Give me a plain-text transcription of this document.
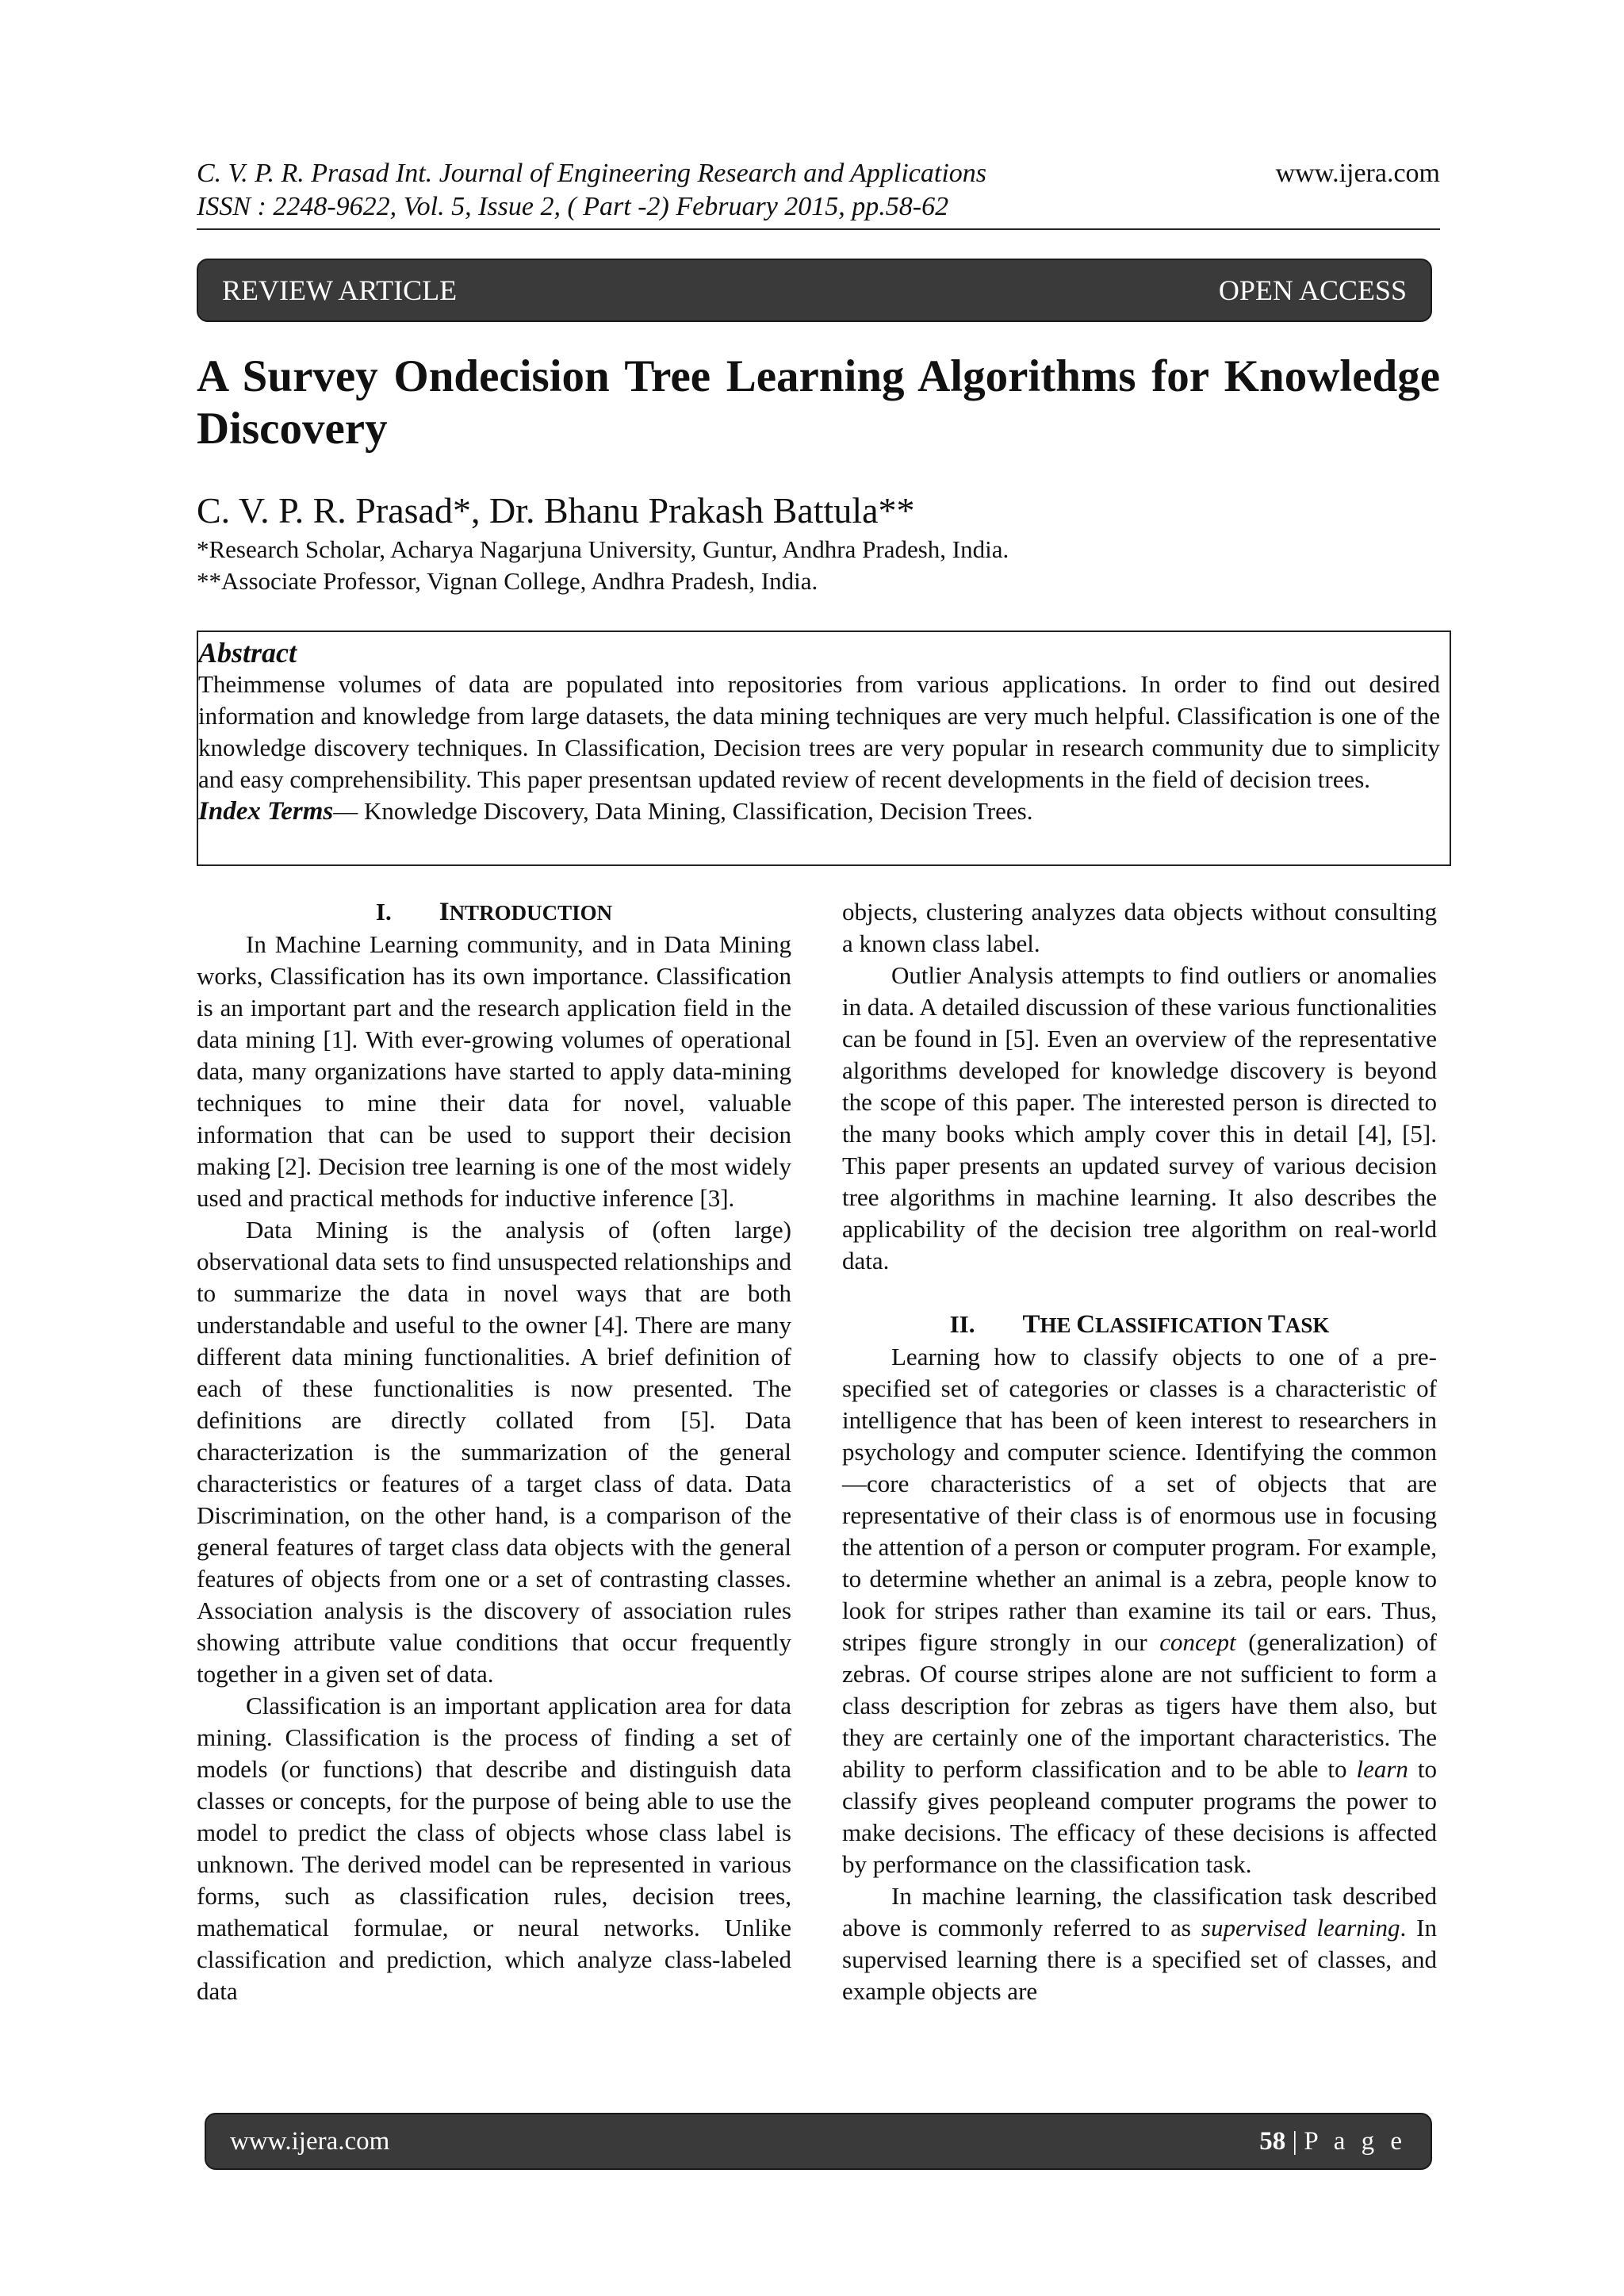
C. V. P. R. Prasad Int. Journal of Engineering Research and Applications
ISSN : 2248-9622, Vol. 5, Issue 2, ( Part -2) February 2015, pp.58-62
www.ijera.com
REVIEW ARTICLE	OPEN ACCESS
A Survey Ondecision Tree Learning Algorithms for Knowledge Discovery
C. V. P. R. Prasad*, Dr. Bhanu Prakash Battula**
*Research Scholar, Acharya Nagarjuna University, Guntur, Andhra Pradesh, India.
**Associate Professor, Vignan College, Andhra Pradesh, India.
Abstract

Theimmense volumes of data are populated into repositories from various applications. In order to find out desired information and knowledge from large datasets, the data mining techniques are very much helpful. Classification is one of the knowledge discovery techniques. In Classification, Decision trees are very popular in research community due to simplicity and easy comprehensibility. This paper presentsan updated review of recent developments in the field of decision trees.

Index Terms— Knowledge Discovery, Data Mining, Classification, Decision Trees.

I. INTRODUCTION

In Machine Learning community, and in Data Mining works, Classification has its own importance. Classification is an important part and the research application field in the data mining [1]. With ever-growing volumes of operational data, many organizations have started to apply data-mining techniques to mine their data for novel, valuable information that can be used to support their decision making [2]. Decision tree learning is one of the most widely used and practical methods for inductive inference [3].

Data Mining is the analysis of (often large) observational data sets to find unsuspected relationships and to summarize the data in novel ways that are both understandable and useful to the owner [4]. There are many different data mining functionalities. A brief definition of each of these functionalities is now presented. The definitions are directly collated from [5]. Data characterization is the summarization of the general characteristics or features of a target class of data. Data Discrimination, on the other hand, is a comparison of the general features of target class data objects with the general features of objects from one or a set of contrasting classes. Association analysis is the discovery of association rules showing attribute value conditions that occur frequently together in a given set of data.

Classification is an important application area for data mining. Classification is the process of finding a set of models (or functions) that describe and distinguish data classes or concepts, for the purpose of being able to use the model to predict the class of objects whose class label is unknown. The derived model can be represented in various forms, such as classification rules, decision trees, mathematical formulae, or neural networks. Unlike classification and prediction, which analyze class-labeled data

objects, clustering analyzes data objects without consulting a known class label.

Outlier Analysis attempts to find outliers or anomalies in data. A detailed discussion of these various functionalities can be found in [5]. Even an overview of the representative algorithms developed for knowledge discovery is beyond the scope of this paper. The interested person is directed to the many books which amply cover this in detail [4], [5]. This paper presents an updated survey of various decision tree algorithms in machine learning. It also describes the applicability of the decision tree algorithm on real-world data.

II. THE CLASSIFICATION TASK

Learning how to classify objects to one of a pre-specified set of categories or classes is a characteristic of intelligence that has been of keen interest to researchers in psychology and computer science. Identifying the common ―core characteristics of a set of objects that are representative of their class is of enormous use in focusing the attention of a person or computer program. For example, to determine whether an animal is a zebra, people know to look for stripes rather than examine its tail or ears. Thus, stripes figure strongly in our concept (generalization) of zebras. Of course stripes alone are not sufficient to form a class description for zebras as tigers have them also, but they are certainly one of the important characteristics. The ability to perform classification and to be able to learn to classify gives peopleand computer programs the power to make decisions. The efficacy of these decisions is affected by performance on the classification task.

In machine learning, the classification task described above is commonly referred to as supervised learning. In supervised learning there is a specified set of classes, and example objects are

www.ijera.com	58 | P a g e
